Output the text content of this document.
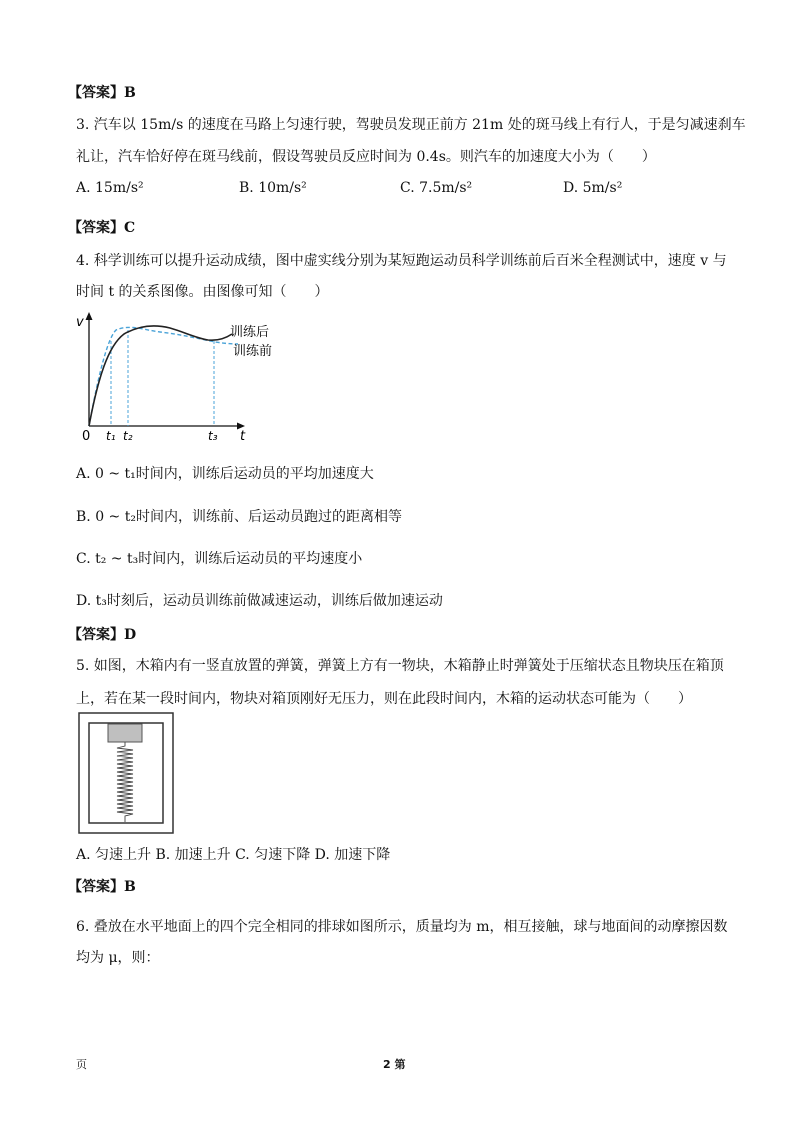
【答案】B
3. 汽车以 15m/s 的速度在马路上匀速行驶，驾驶员发现正前方 21m 处的斑马线上有行人，于是匀减速刹车
礼让，汽车恰好停在斑马线前，假设驾驶员反应时间为 0.4s。则汽车的加速度大小为（　　）
A. 15m/s²	B. 10m/s²	C. 7.5m/s²	D. 5m/s²
【答案】C
4. 科学训练可以提升运动成绩，图中虚实线分别为某短跑运动员科学训练前后百米全程测试中，速度 v 与
时间 t 的关系图像。由图像可知（　　）
v
t
0 t₁ t₂	t₃
训练后
训练前
A. 0 ~ t₁时间内，训练后运动员的平均加速度大
B. 0 ~ t₂时间内，训练前、后运动员跑过的距离相等
C. t₂ ~ t₃时间内，训练后运动员的平均速度小
D. t₃时刻后，运动员训练前做减速运动，训练后做加速运动
【答案】D
5. 如图，木箱内有一竖直放置的弹簧，弹簧上方有一物块，木箱静止时弹簧处于压缩状态且物块压在箱顶
上，若在某一段时间内，物块对箱顶刚好无压力，则在此段时间内，木箱的运动状态可能为（　　）
A. 匀速上升 B. 加速上升 C. 匀速下降 D. 加速下降
【答案】B
6. 叠放在水平地面上的四个完全相同的排球如图所示，质量均为 m，相互接触，球与地面间的动摩擦因数
均为 μ，则：
页	2 第
